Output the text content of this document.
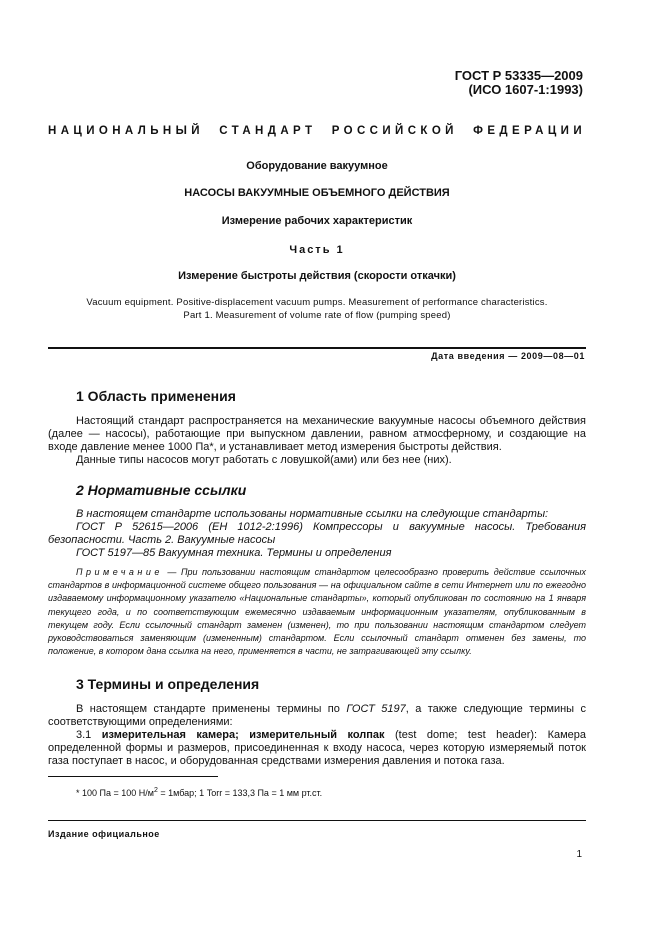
ГОСТ Р 53335—2009
(ИСО 1607-1:1993)
НАЦИОНАЛЬНЫЙ СТАНДАРТ РОССИЙСКОЙ ФЕДЕРАЦИИ
Оборудование вакуумное
НАСОСЫ ВАКУУМНЫЕ ОБЪЕМНОГО ДЕЙСТВИЯ
Измерение рабочих характеристик
Часть 1
Измерение быстроты действия (скорости откачки)
Vacuum equipment. Positive-displacement vacuum pumps. Measurement of performance characteristics.
Part 1. Measurement of volume rate of flow (pumping speed)
Дата введения — 2009—08—01
1 Область применения
Настоящий стандарт распространяется на механические вакуумные насосы объемного действия (далее — насосы), работающие при выпускном давлении, равном атмосферному, и создающие на входе давление менее 1000 Па*, и устанавливает метод измерения быстроты действия.
Данные типы насосов могут работать с ловушкой(ами) или без нее (них).
2 Нормативные ссылки
В настоящем стандарте использованы нормативные ссылки на следующие стандарты:
ГОСТ Р 52615—2006 (ЕН 1012-2:1996) Компрессоры и вакуумные насосы. Требования безопасности. Часть 2. Вакуумные насосы
ГОСТ 5197—85 Вакуумная техника. Термины и определения
Примечание — При пользовании настоящим стандартом целесообразно проверить действие ссылочных стандартов в информационной системе общего пользования — на официальном сайте в сети Интернет или по ежегодно издаваемому информационному указателю «Национальные стандарты», который опубликован по состоянию на 1 января текущего года, и по соответствующим ежемесячно издаваемым информационным указателям, опубликованным в текущем году. Если ссылочный стандарт заменен (изменен), то при пользовании настоящим стандартом следует руководствоваться заменяющим (измененным) стандартом. Если ссылочный стандарт отменен без замены, то положение, в котором дана ссылка на него, применяется в части, не затрагивающей эту ссылку.
3 Термины и определения
В настоящем стандарте применены термины по ГОСТ 5197, а также следующие термины с соответствующими определениями:
3.1 измерительная камера; измерительный колпак (test dome; test header): Камера определенной формы и размеров, присоединенная к входу насоса, через которую измеряемый поток газа поступает в насос, и оборудованная средствами измерения давления и потока газа.
* 100 Па = 100 $Н/м^2$ = 1мбар; 1 Torr = 133,3 Па = 1 мм рт.ст.
Издание официальное
1
